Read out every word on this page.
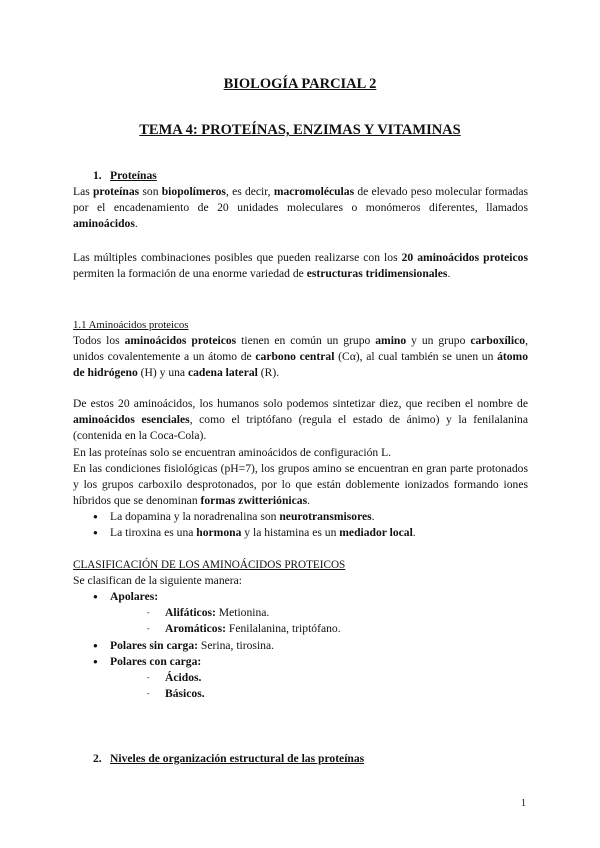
BIOLOGÍA PARCIAL 2
TEMA 4: PROTEÍNAS, ENZIMAS Y VITAMINAS
1. Proteínas

Las proteínas son biopolímeros, es decir, macromoléculas de elevado peso molecular formadas por el encadenamiento de 20 unidades moleculares o monómeros diferentes, llamados aminoácidos.

Las múltiples combinaciones posibles que pueden realizarse con los 20 aminoácidos proteicos permiten la formación de una enorme variedad de estructuras tridimensionales.

1.1 Aminoácidos proteicos

Todos los aminoácidos proteicos tienen en común un grupo amino y un grupo carboxílico, unidos covalentemente a un átomo de carbono central (Cα), al cual también se unen un átomo de hidrógeno (H) y una cadena lateral (R).

De estos 20 aminoácidos, los humanos solo podemos sintetizar diez, que reciben el nombre de aminoácidos esenciales, como el triptófano (regula el estado de ánimo) y la fenilalanina (contenida en la Coca-Cola).

En las proteínas solo se encuentran aminoácidos de configuración L.

En las condiciones fisiológicas (pH=7), los grupos amino se encuentran en gran parte protonados y los grupos carboxilo desprotonados, por lo que están doblemente ionizados formando iones híbridos que se denominan formas zwitteriónicas.

● La dopamina y la noradrenalina son neurotransmisores.
● La tiroxina es una hormona y la histamina es un mediador local.
CLASIFICACIÓN DE LOS AMINOÁCIDOS PROTEICOS
Se clasifican de la siguiente manera:
● Apolares:
- Alifáticos: Metionina.
- Aromáticos: Fenilalanina, triptófano.
● Polares sin carga: Serina, tirosina.
● Polares con carga:
- Ácidos.
- Básicos.
2. Niveles de organización estructural de las proteínas
1
